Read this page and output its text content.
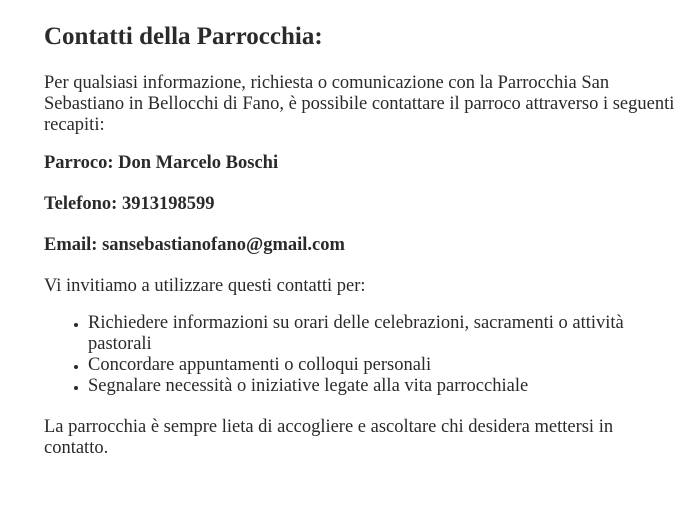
Contatti della Parrocchia:

Per qualsiasi informazione, richiesta o comunicazione con la Parrocchia San Sebastiano in Bellocchi di Fano, è possibile contattare il parroco attraverso i seguenti recapiti:

Parroco: Don Marcelo Boschi

Telefono: 3913198599

Email: sansebastianofano@gmail.com

Vi invitiamo a utilizzare questi contatti per:

• Richiedere informazioni su orari delle celebrazioni, sacramenti o attività pastorali
• Concordare appuntamenti o colloqui personali
• Segnalare necessità o iniziative legate alla vita parrocchiale

La parrocchia è sempre lieta di accogliere e ascoltare chi desidera mettersi in contatto.
